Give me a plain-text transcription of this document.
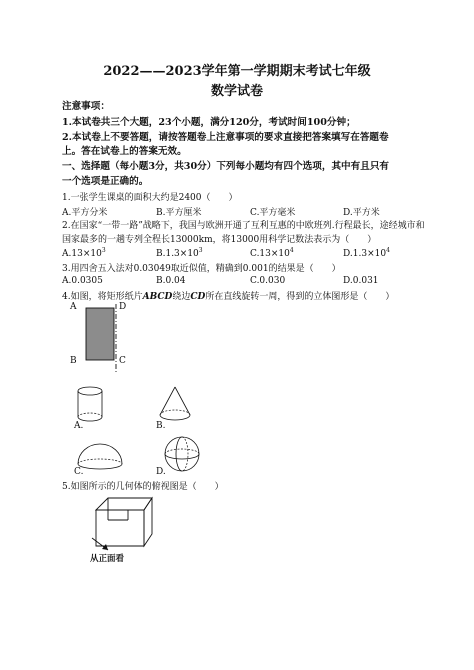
2022——2023学年第一学期期末考试七年级
数学试卷
注意事项：
1.本试卷共三个大题，23个小题，满分120分，考试时间100分钟；
2.本试卷上不要答题，请按答题卷上注意事项的要求直接把答案填写在答题卷
上。答在试卷上的答案无效。
一、选择题（每小题3分，共30分）下列每小题均有四个选项，其中有且只有
一个选项是正确的。
1.一张学生课桌的面积大约是2400（　　）
A.平方分米	B.平方厘米	C.平方毫米	D.平方米
2.在国家“一带一路”战略下，我国与欧洲开通了互利互惠的中欧班列.行程最长，途经城市和
国家最多的一趟专列全程长13000km，将13000用科学记数法表示为（　　）
$A.13\times 10^3$	$B.1.3\times 10^3$	$C.13\times 10^4$	$D.1.3\times 10^4$
3.用四舍五入法对0.03049取近似值，精确到0.001的结果是（　　）
A.0.0305	B.0.04	C.0.030	D.0.031
4.如图，将矩形纸片ABCD绕边CD所在直线旋转一周，得到的立体图形是（　　）
A
B	C
D
A.	B.
C.	D.
5.如图所示的几何体的俯视图是（　　）
从正面看
